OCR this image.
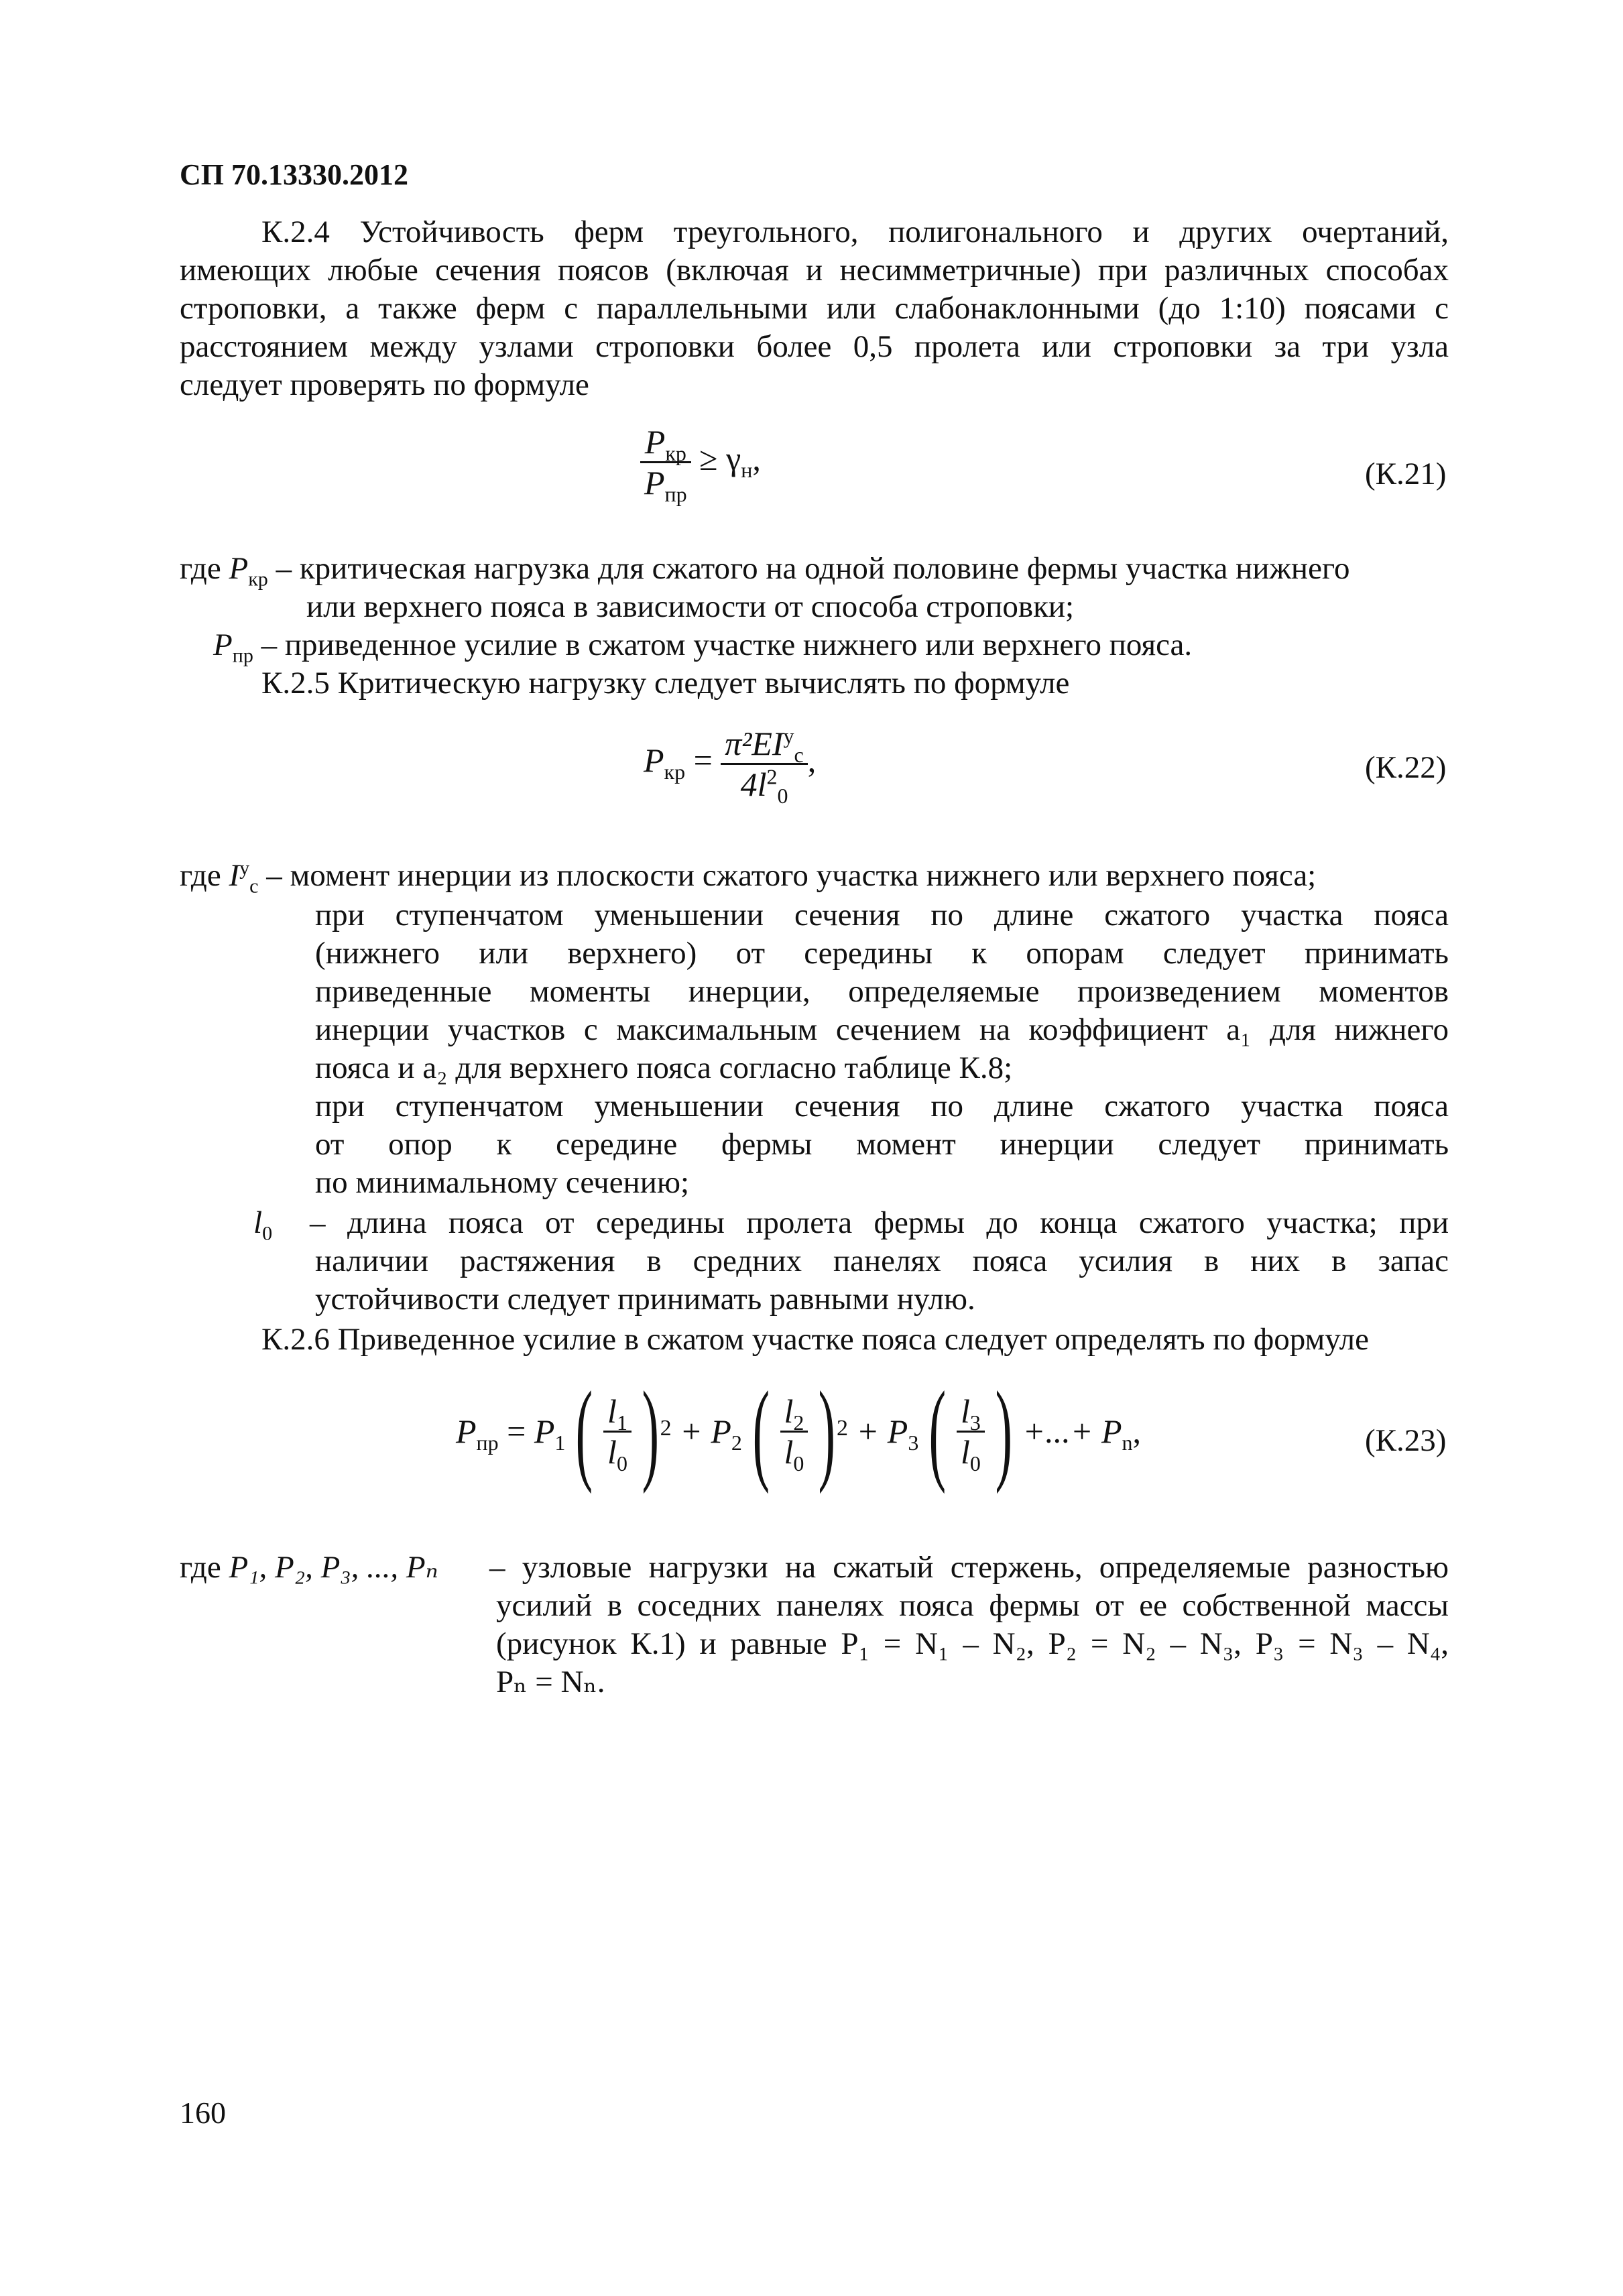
СП 70.13330.2012
К.2.4 Устойчивость ферм треугольного, полигонального и других очертаний,
имеющих любые сечения поясов (включая и несимметричные) при различных способах
строповки, а также ферм с параллельными или слабонаклонными (до 1:10) поясами с
расстоянием между узлами строповки более 0,5 пролета или строповки за три узла
следует проверять по формуле
$\frac{P_{кр}}{P_{пр}} \ge \gamma_н$,	(К.21)
где $P_{кр}$ – критическая нагрузка для сжатого на одной половине фермы участка нижнего
или верхнего пояса в зависимости от способа строповки;
$P_{пр}$ – приведенное усилие в сжатом участке нижнего или верхнего пояса.
К.2.5 Критическую нагрузку следует вычислять по формуле
$P_{кр} = \frac{\pi^2EI^y_c}{4l^2_0}$ ,	(К.22)
где $I^y_c$ – момент инерции из плоскости сжатого участка нижнего или верхнего пояса;
при ступенчатом уменьшении сечения по длине сжатого участка пояса
(нижнего или верхнего) от середины к опорам следует принимать
приведенные моменты инерции, определяемые произведением моментов
инерции участков с максимальным сечением на коэффициент a₁ для нижнего
пояса и a₂ для верхнего пояса согласно таблице К.8;
при ступенчатом уменьшении сечения по длине сжатого участка пояса
от опор к середине фермы момент инерции следует принимать
по минимальному сечению;
$l_0$ – длина пояса от середины пролета фермы до конца сжатого участка; при
наличии растяжения в средних панелях пояса усилия в них в запас
устойчивости следует принимать равными нулю.
К.2.6 Приведенное усилие в сжатом участке пояса следует определять по формуле
$P_{пр} = P_1$ ( $\frac{l_1}{l_0}$ ) $2 + P_2$ ( $\frac{l_2}{l_0}$ ) $2 + P_3$ ( $\frac{l_3}{l_0}$ ) +...+ $P_n$,	(К.23)
где P₁, P₂, P₃, ..., Pₙ – узловые нагрузки на сжатый стержень, определяемые разностью
усилий в соседних панелях пояса фермы от ее собственной массы
(рисунок К.1) и равные P₁ = N₁ – N₂, P₂ = N₂ – N₃, P₃ = N₃ – N₄,
Pₙ = Nₙ.
160
